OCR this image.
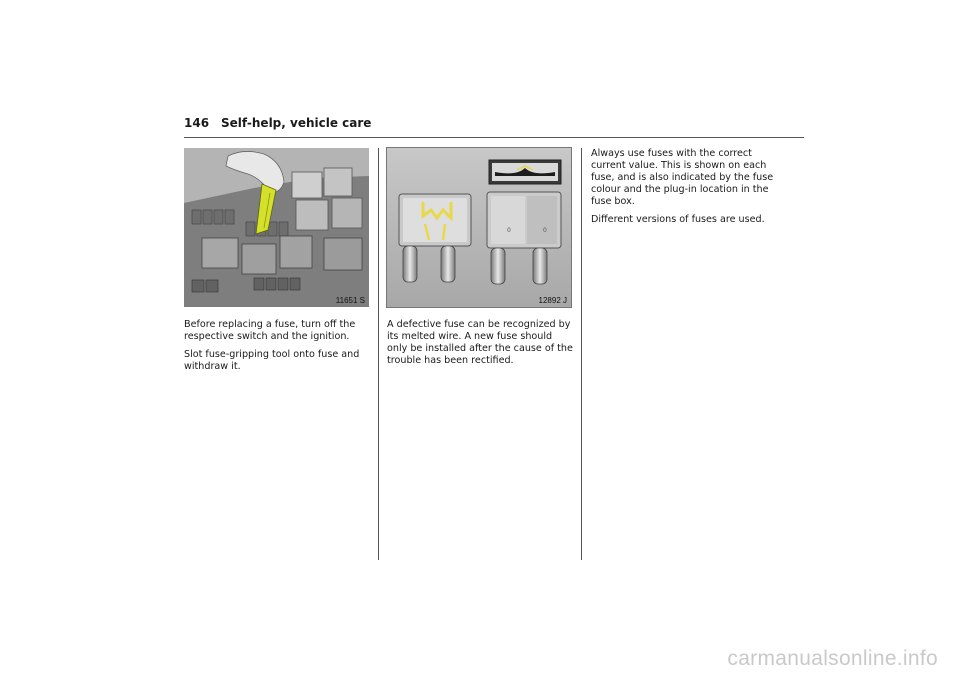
146 Self-help, vehicle care
11651 S
0	0
12892 J

Before replacing a fuse, turn off the respective switch and the ignition.

Slot fuse-gripping tool onto fuse and withdraw it.

A defective fuse can be recognized by its melted wire. A new fuse should only be installed after the cause of the trouble has been rectified.

Always use fuses with the correct current value. This is shown on each fuse, and is also indicated by the fuse colour and the plug-in location in the fuse box.

Different versions of fuses are used.

carmanualsonline.info
